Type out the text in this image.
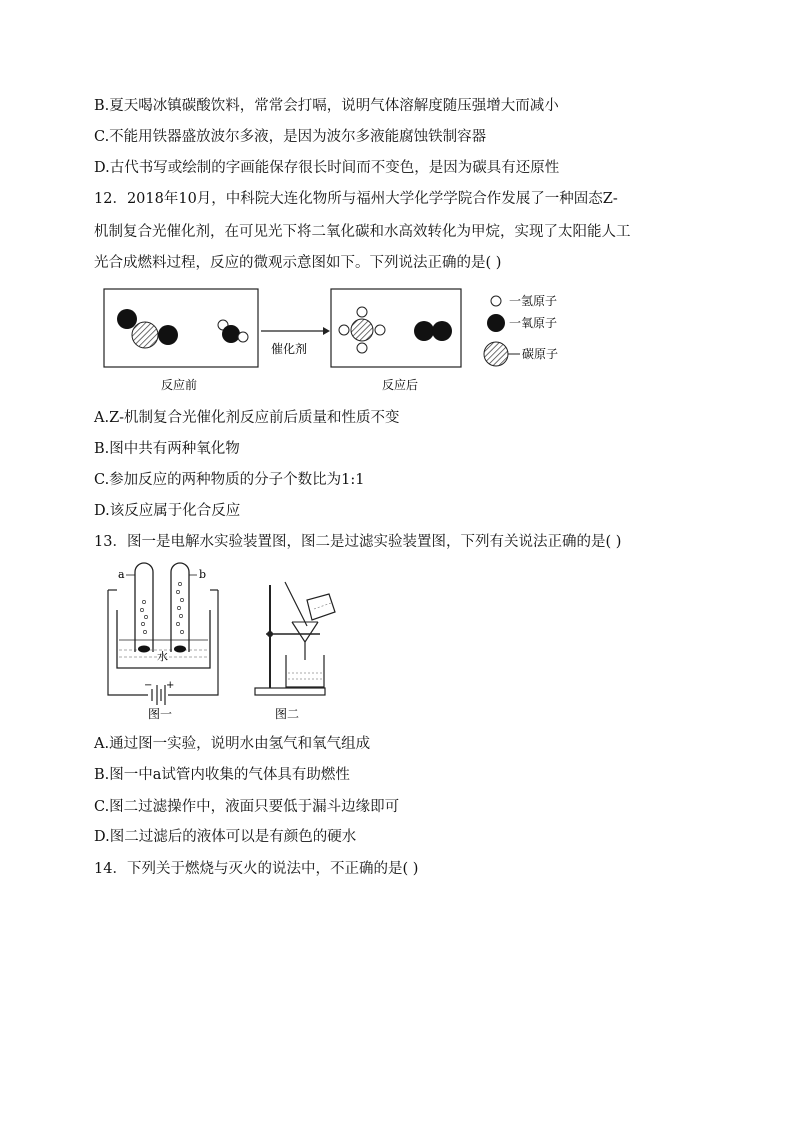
B.夏天喝冰镇碳酸饮料，常常会打嗝，说明气体溶解度随压强增大而减小
C.不能用铁器盛放波尔多液，是因为波尔多液能腐蚀铁制容器
D.古代书写或绘制的字画能保存很长时间而不变色，是因为碳具有还原性
12．2018年10月，中科院大连化物所与福州大学化学学院合作发展了一种固态Z-
机制复合光催化剂，在可见光下将二氧化碳和水高效转化为甲烷，实现了太阳能人工
光合成燃料过程，反应的微观示意图如下。下列说法正确的是( )
催化剂
反应前	反应后
一氢原子
一氧原子
碳原子
A.Z-机制复合光催化剂反应前后质量和性质不变
B.图中共有两种氧化物
C.参加反应的两种物质的分子个数比为1:1
D.该反应属于化合反应
13．图一是电解水实验装置图，图二是过滤实验装置图，下列有关说法正确的是( )
a	b
水
− +
图一	图二
A.通过图一实验，说明水由氢气和氧气组成
B.图一中a试管内收集的气体具有助燃性
C.图二过滤操作中，液面只要低于漏斗边缘即可
D.图二过滤后的液体可以是有颜色的硬水
14．下列关于燃烧与灭火的说法中，不正确的是( )
